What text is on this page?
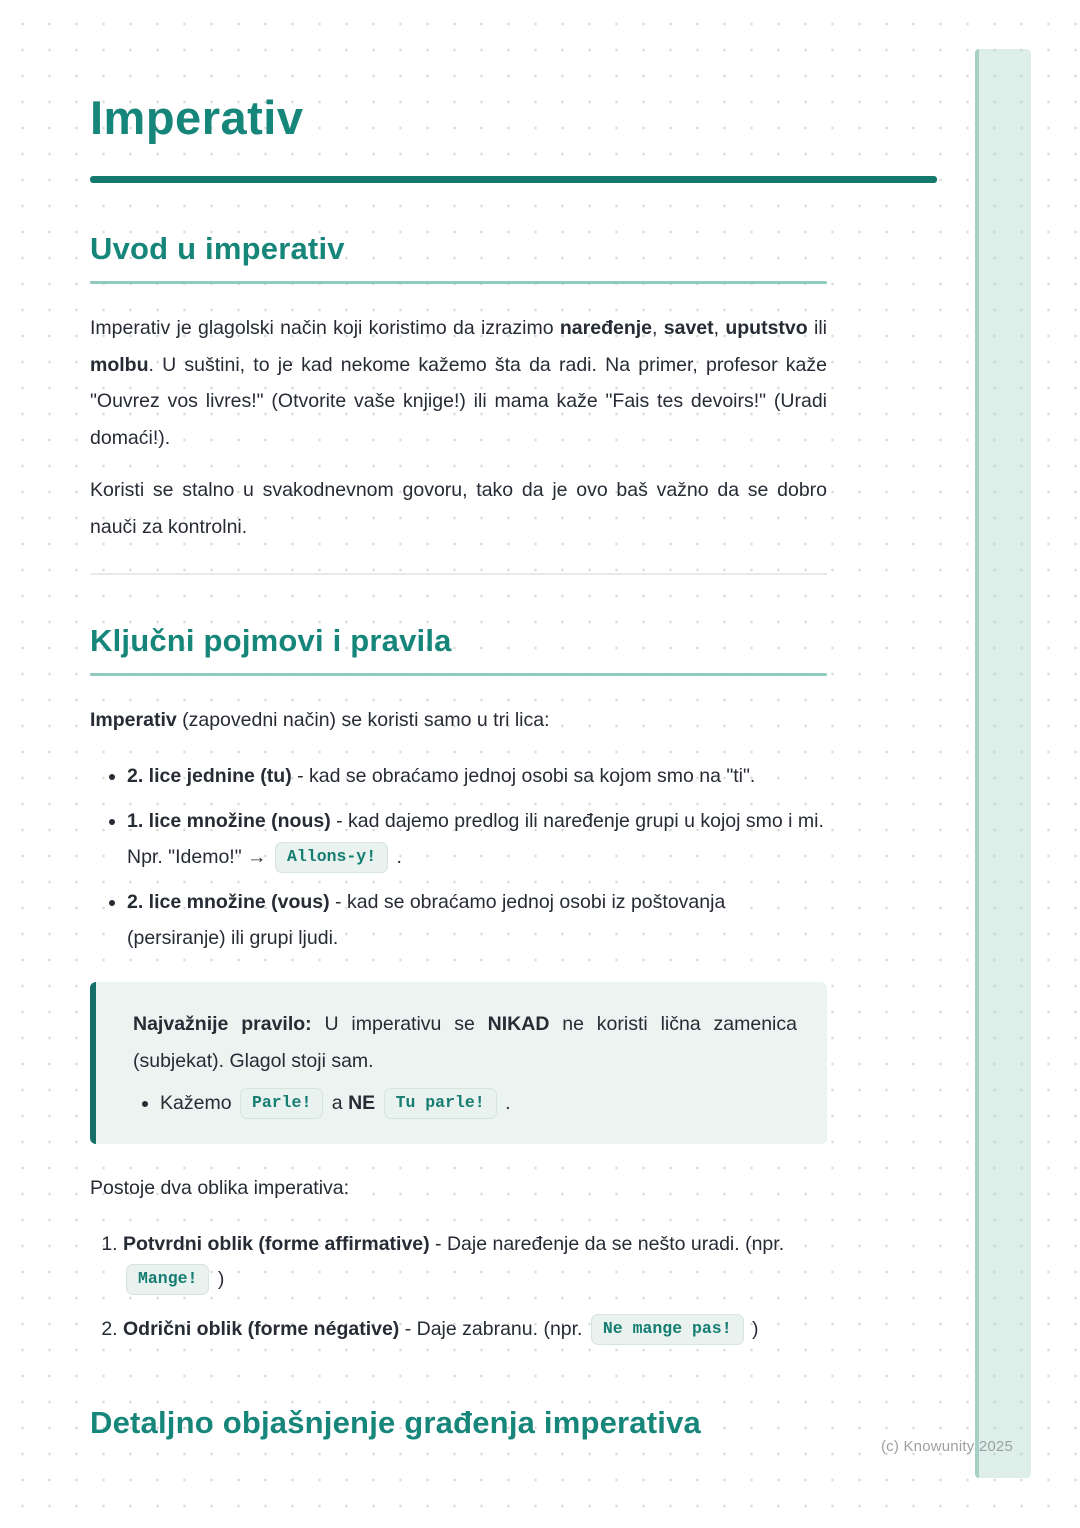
Imperativ
Uvod u imperativ

Imperativ je glagolski način koji koristimo da izrazimo naređenje, savet, uputstvo ili molbu. U suštini, to je kad nekome kažemo šta da radi. Na primer, profesor kaže "Ouvrez vos livres!" (Otvorite vaše knjige!) ili mama kaže "Fais tes devoirs!" (Uradi domaći!).

Koristi se stalno u svakodnevnom govoru, tako da je ovo baš važno da se dobro nauči za kontrolni.

Ključni pojmovi i pravila

Imperativ (zapovedni način) se koristi samo u tri lica:

• 2. lice jednine (tu) - kad se obraćamo jednoj osobi sa kojom smo na "ti".
• 1. lice množine (nous) - kad dajemo predlog ili naređenje grupi u kojoj smo i mi. Npr. "Idemo!" → Allons-y! .
• 2. lice množine (vous) - kad se obraćamo jednoj osobi iz poštovanja (persiranje) ili grupi ljudi.

Najvažnije pravilo: U imperativu se NIKAD ne koristi lična zamenica (subjekat). Glagol stoji sam.

• Kažemo Parle! a NE Tu parle! .

Postoje dva oblika imperativa:

1. Potvrdni oblik (forme affirmative) - Daje naređenje da se nešto uradi. (npr. Mange! )
2. Odrični oblik (forme négative) - Daje zabranu. (npr. Ne mange pas! )
Detaljno objašnjenje građenja imperativa
(c) Knowunity 2025
